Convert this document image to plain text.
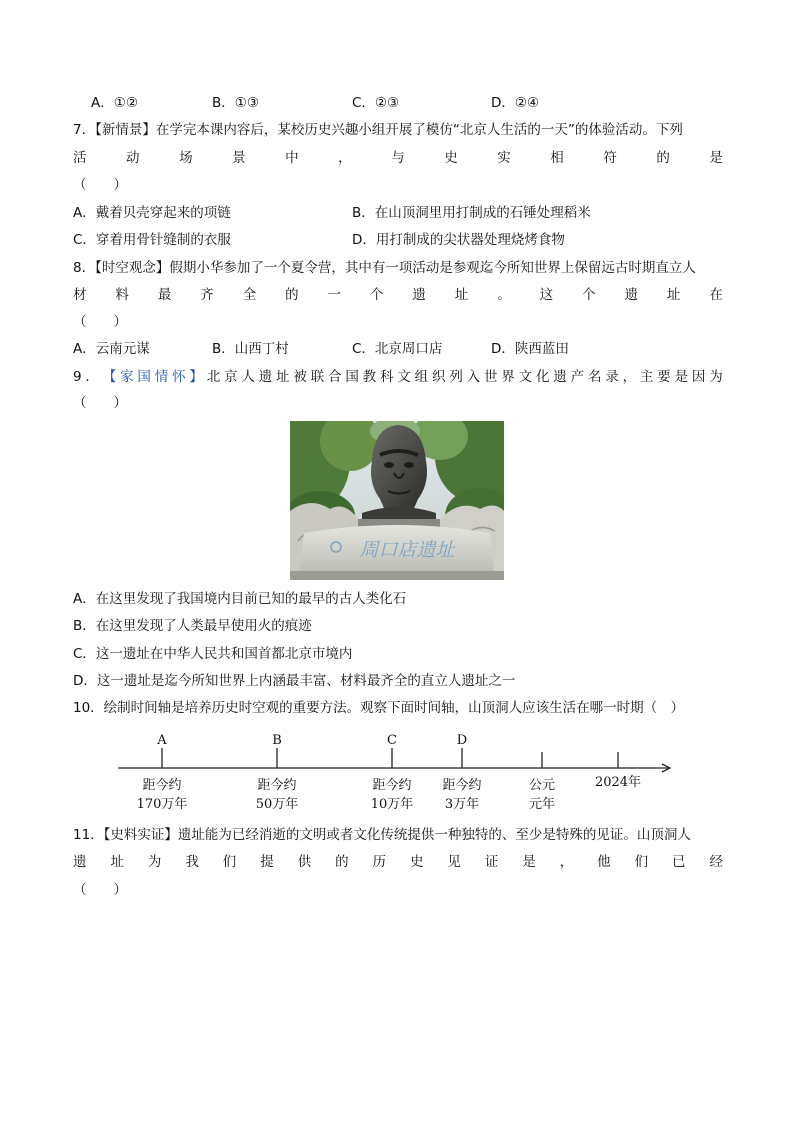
A．①②	B．①③	C．②③	D．②④
7．【新情景】在学完本课内容后，某校历史兴趣小组开展了模仿“北京人生活的一天”的体验活动。下列
活	动	场	景	中	，	与	史	实	相	符	的	是
（　　）
A．戴着贝壳穿起来的项链	B．在山顶洞里用打制成的石锤处理稻米
C．穿着用骨针缝制的衣服	D．用打制成的尖状器处理烧烤食物
8．【时空观念】假期小华参加了一个夏令营，其中有一项活动是参观迄今所知世界上保留远古时期直立人
材 料 最 齐 全 的 一 个 遗 址 。 这 个 遗 址 在
（　　）
A．云南元谋	B．山西丁村	C．北京周口店	D．陕西蓝田
9 ． 【 家 国 情 怀 】 北 京 人 遗 址 被 联 合 国 教 科 文 组 织 列 入 世 界 文 化 遗 产 名 录 ， 主 要 是 因 为
（　　）
周口店遗址
A．在这里发现了我国境内目前已知的最早的古人类化石
B．在这里发现了人类最早使用火的痕迹
C．这一遗址在中华人民共和国首都北京市境内
D．这一遗址是迄今所知世界上内涵最丰富、材料最齐全的直立人遗址之一
10．绘制时间轴是培养历史时空观的重要方法。观察下面时间轴，山顶洞人应该生活在哪一时期（　）
A
距今约
170万年
B
距今约
50万年
C
距今约
10万年
D
距今约
3万年
公元
元年
2024年
11．【史料实证】遗址能为已经消逝的文明或者文化传统提供一种独特的、至少是特殊的见证。山顶洞人
遗 址 为 我 们 提 供 的 历 史 见 证 是 ， 他 们 已 经
（　　）
